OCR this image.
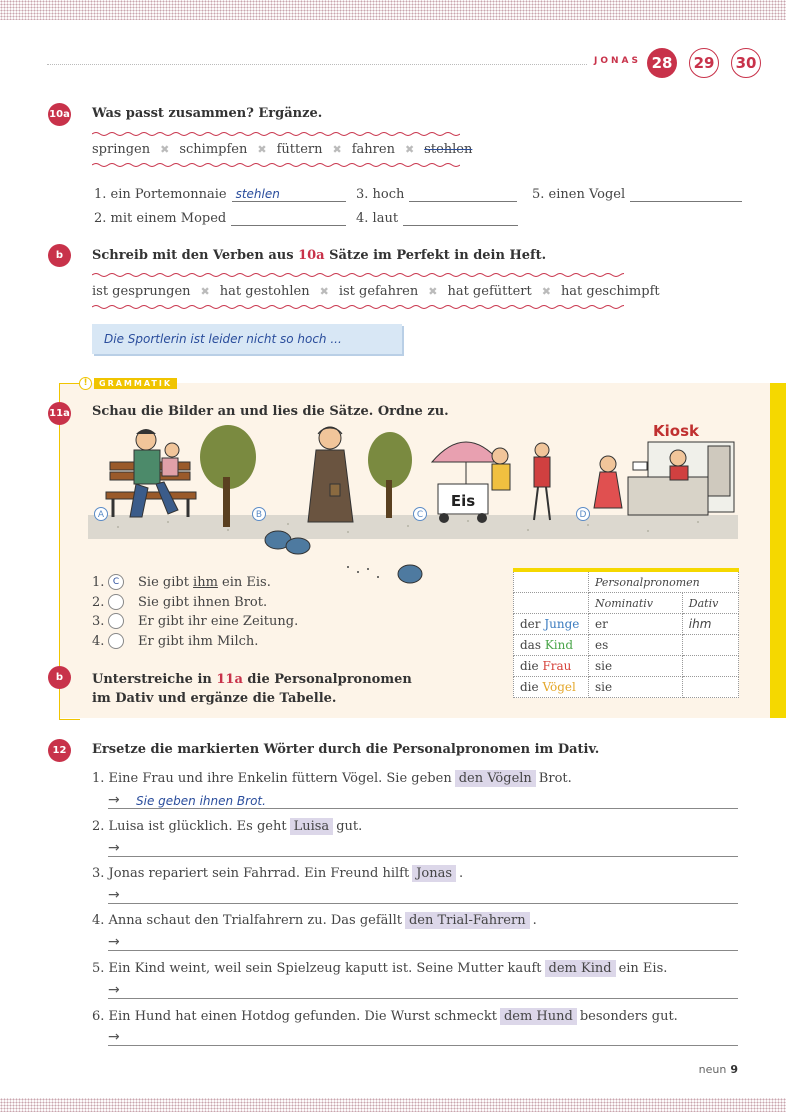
JONAS 28	29	30
10a Was passt zusammen? Ergänze.
springen ✖ schimpfen ✖ füttern ✖ fahren ✖ stehlen
1. ein Portemonnaie stehlen	3. hoch	5. einen Vogel
2. mit einem Moped	4. laut
b	Schreib mit den Verben aus 10a Sätze im Perfekt in dein Heft.
ist gesprungen ✖ hat gestohlen ✖ ist gefahren ✖ hat gefüttert ✖ hat geschimpft
Die Sportlerin ist leider nicht so hoch ...
!	GRAMMATIK
11a Schau die Bilder an und lies die Sätze. Ordne zu.
A	B
Eis
C
Kiosk
D
1. C	Sie gibt ihm ein Eis.
2.	Sie gibt ihnen Brot.
3.	Er gibt ihr eine Zeitung.
4.	Er gibt ihm Milch.
b	Unterstreiche in 11a die Personalpronomen
im Dativ und ergänze die Tabelle.
	Personalpronomen	
	Nominativ	Dativ
der Junge	er	ihm
das Kind	es	
die Frau	sie	
die Vögel	sie	
12	Ersetze die markierten Wörter durch die Personalpronomen im Dativ.
1. Eine Frau und ihre Enkelin füttern Vögel. Sie geben den Vögeln Brot.
→	Sie geben ihnen Brot.
2. Luisa ist glücklich. Es geht Luisa gut.
→
3. Jonas repariert sein Fahrrad. Ein Freund hilft Jonas .
→
4. Anna schaut den Trialfahrern zu. Das gefällt den Trial-Fahrern .
→
5. Ein Kind weint, weil sein Spielzeug kaputt ist. Seine Mutter kauft dem Kind ein Eis.
→
6. Ein Hund hat einen Hotdog gefunden. Die Wurst schmeckt dem Hund besonders gut.
→
neun 9
